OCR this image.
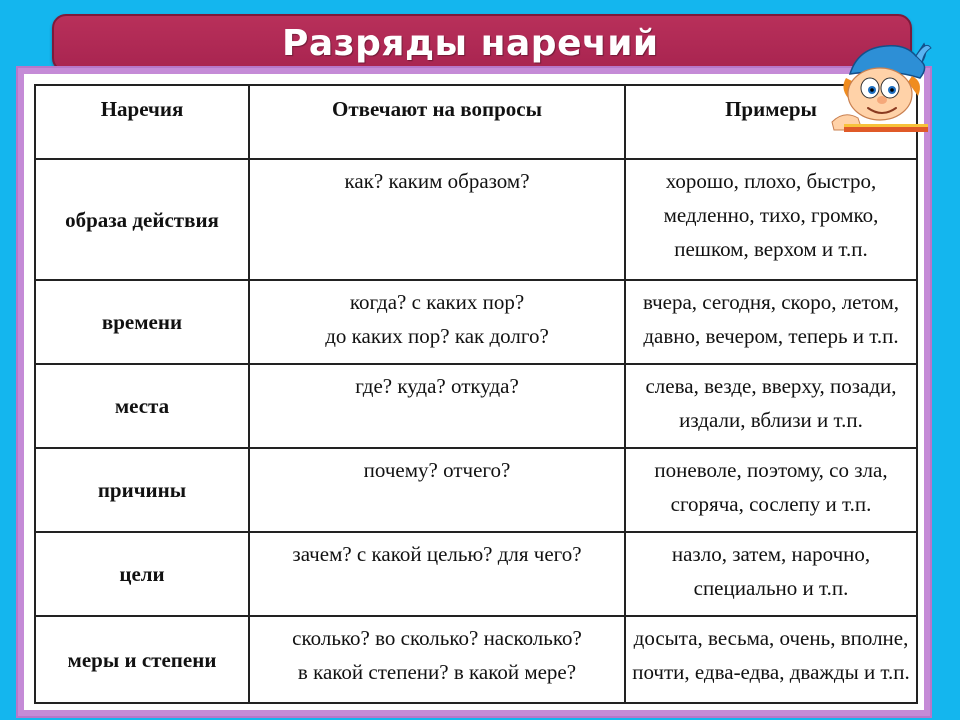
Разряды наречий
Наречия	Отвечают на вопросы	Примеры
образа действия	как? каким образом?	хорошо, плохо, быстро,
медленно, тихо, громко,
пешком, верхом и т.п.

времени	когда? с каких пор?
до каких пор? как долго?	вчера, сегодня, скоро, летом,
давно, вечером, теперь и т.п.

места	где? куда? откуда?	слева, везде, вверху, позади,
издали, вблизи и т.п.

причины	почему? отчего?	поневоле, поэтому, со зла,
сгоряча, сослепу и т.п.

цели	зачем? с какой целью? для чего?	назло, затем, нарочно,
специально и т.п.

меры и степени	сколько? во сколько? насколько?
в какой степени? в какой мере?	досыта, весьма, очень, вполне,
почти, едва-едва, дважды и т.п.
